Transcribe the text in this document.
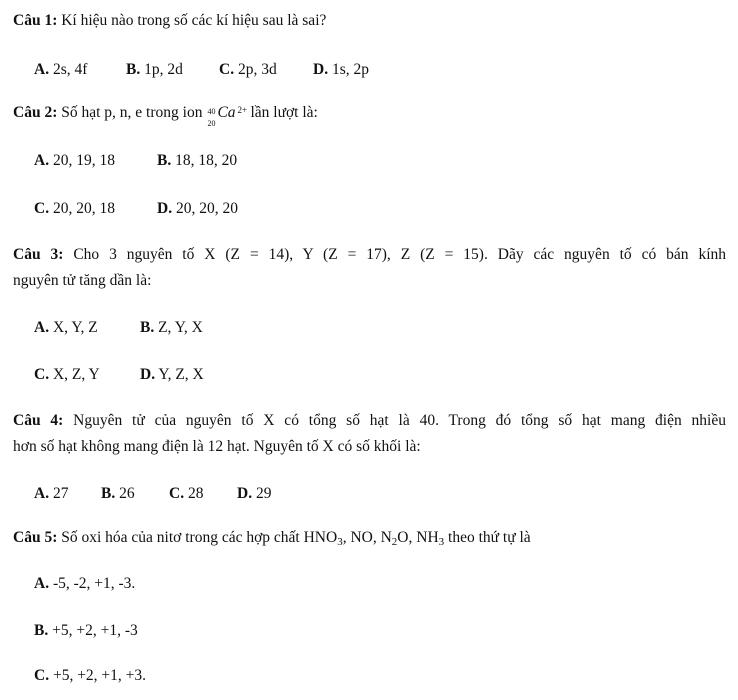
Câu 1: Kí hiệu nào trong số các kí hiệu sau là sai?
A. 2s, 4f B. 1p, 2d C. 2p, 3d D. 1s, 2p
Câu 2: Số hạt p, n, e trong ion 40
20
Ca 2+ lần lượt là:
A. 20, 19, 18	B. 18, 18, 20
C. 20, 20, 18	D. 20, 20, 20
Câu 3: Cho 3 nguyên tố X (Z = 14), Y (Z = 17), Z (Z = 15). Dãy các nguyên tố có bán kính
nguyên tử tăng dần là:
A. X, Y, Z	B. Z, Y, X
C. X, Z, Y	D. Y, Z, X
Câu 4: Nguyên tử của nguyên tố X có tổng số hạt là 40. Trong đó tổng số hạt mang điện nhiều
hơn số hạt không mang điện là 12 hạt. Nguyên tố X có số khối là:
A. 27 B. 26 C. 28 D. 29
Câu 5: Số oxi hóa của nitơ trong các hợp chất $HNO_3$, NO, $N_2O$, $NH_3$ theo thứ tự là
A. -5, -2, +1, -3.
B. +5, +2, +1, -3
C. +5, +2, +1, +3.
